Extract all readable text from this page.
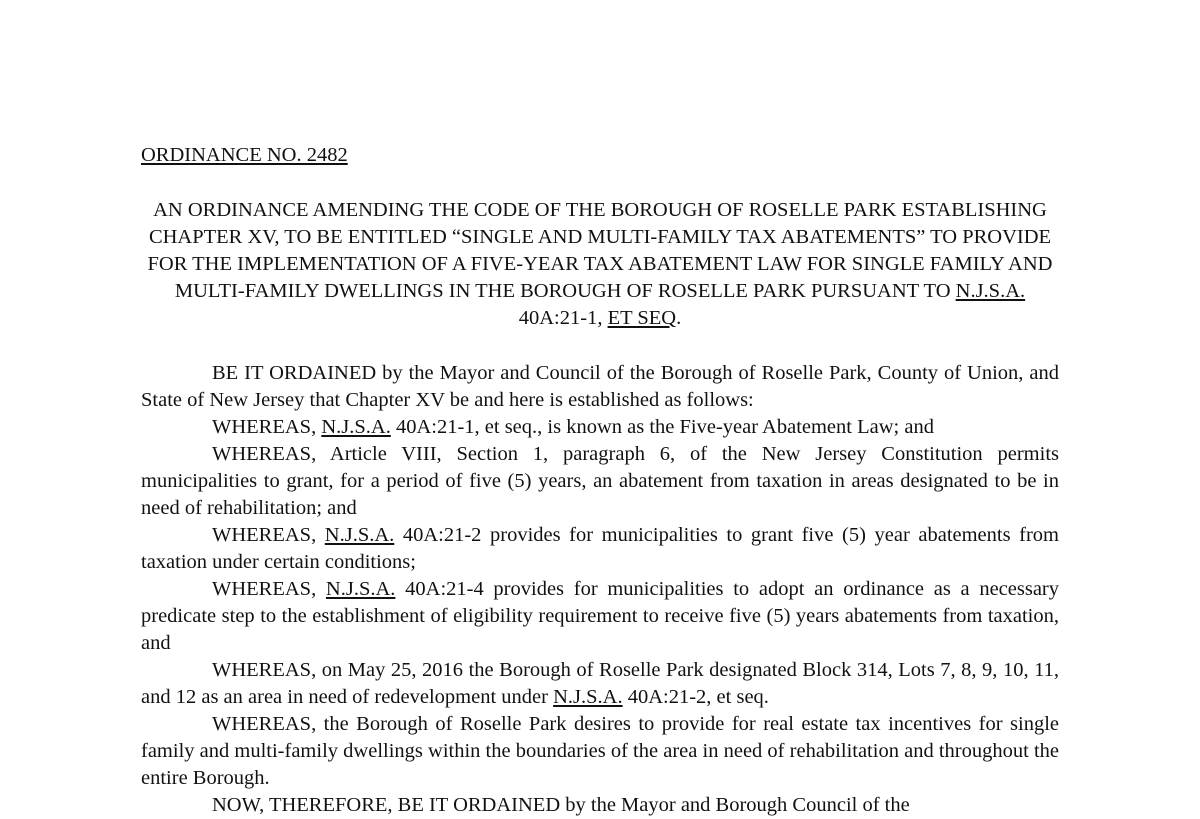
ORDINANCE NO. 2482

AN ORDINANCE AMENDING THE CODE OF THE BOROUGH OF ROSELLE PARK ESTABLISHING CHAPTER XV, TO BE ENTITLED “SINGLE AND MULTI-FAMILY TAX ABATEMENTS” TO PROVIDE FOR THE IMPLEMENTATION OF A FIVE-YEAR TAX ABATEMENT LAW FOR SINGLE FAMILY AND MULTI-FAMILY DWELLINGS IN THE BOROUGH OF ROSELLE PARK PURSUANT TO N.J.S.A. 40A:21-1, ET SEQ.

BE IT ORDAINED by the Mayor and Council of the Borough of Roselle Park, County of Union, and State of New Jersey that Chapter XV be and here is established as follows:

WHEREAS, N.J.S.A. 40A:21-1, et seq., is known as the Five-year Abatement Law; and

WHEREAS, Article VIII, Section 1, paragraph 6, of the New Jersey Constitution permits municipalities to grant, for a period of five (5) years, an abatement from taxation in areas designated to be in need of rehabilitation; and

WHEREAS, N.J.S.A. 40A:21-2 provides for municipalities to grant five (5) year abatements from taxation under certain conditions;

WHEREAS, N.J.S.A. 40A:21-4 provides for municipalities to adopt an ordinance as a necessary predicate step to the establishment of eligibility requirement to receive five (5) years abatements from taxation, and

WHEREAS, on May 25, 2016 the Borough of Roselle Park designated Block 314, Lots 7, 8, 9, 10, 11, and 12 as an area in need of redevelopment under N.J.S.A. 40A:21-2, et seq.

WHEREAS, the Borough of Roselle Park desires to provide for real estate tax incentives for single family and multi-family dwellings within the boundaries of the area in need of rehabilitation and throughout the entire Borough.

NOW, THEREFORE, BE IT ORDAINED by the Mayor and Borough Council of the
